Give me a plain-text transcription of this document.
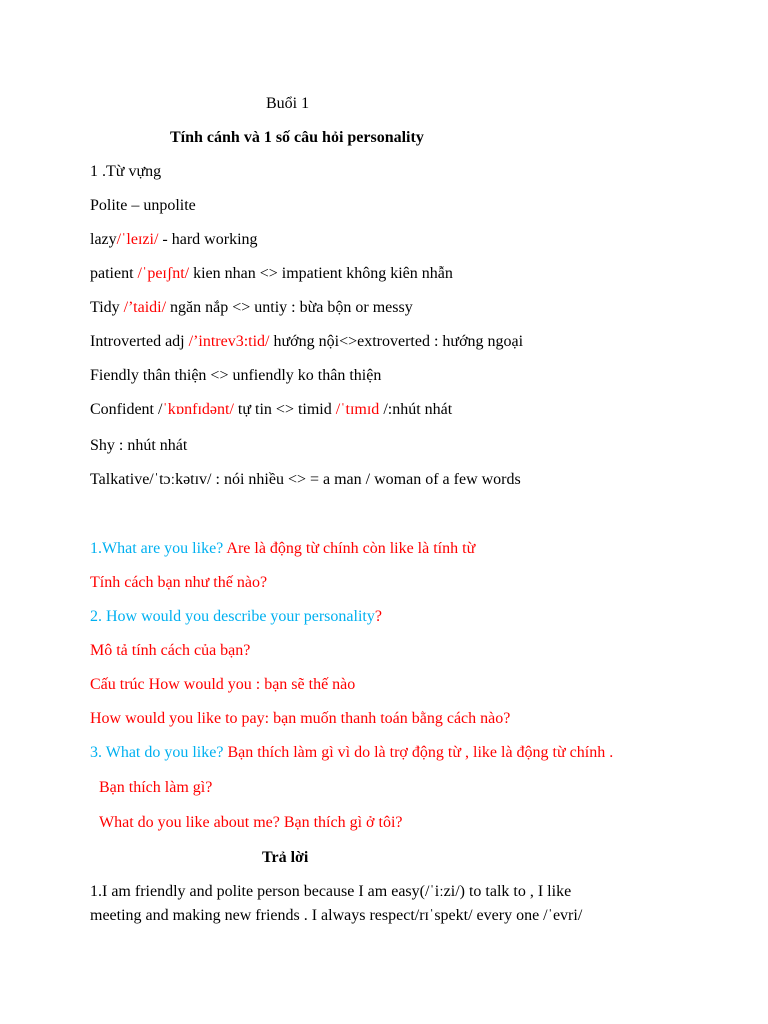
Buổi 1
Tính cánh và 1 số câu hỏi personality
1 .Từ vựng
Polite – unpolite
lazy/ˈleɪzi/ - hard working
patient /ˈpeɪʃnt/ kien nhan <> impatient không kiên nhẫn
Tidy /’taidi/ ngăn nắp <> untiy : bừa bộn or messy
Introverted adj /’intrev3:tid/ hướng nội<>extroverted : hướng ngoại
Fiendly thân thiện <> unfiendly ko thân thiện
Confident /ˈkɒnfɪdənt/ tự tin <> timid /ˈtɪmɪd /:nhút nhát
Shy : nhút nhát
Talkative/ˈtɔːkətɪv/ : nói nhiều <> = a man / woman of a few words
1.What are you like? Are là động từ chính còn like là tính từ
Tính cách bạn như thế nào?
2. How would you describe your personality?
Mô tả tính cách của bạn?
Cấu trúc How would you : bạn sẽ thế nào
How would you like to pay: bạn muốn thanh toán bằng cách nào?
3. What do you like? Bạn thích làm gì vì do là trợ động từ , like là động từ chính .
Bạn thích làm gì?
What do you like about me? Bạn thích gì ở tôi?
Trả lời
1.I am friendly and polite person because I am easy(/ˈiːzi/) to talk to , I like
meeting and making new friends . I always respect/rɪˈspekt/ every one /ˈevri/
